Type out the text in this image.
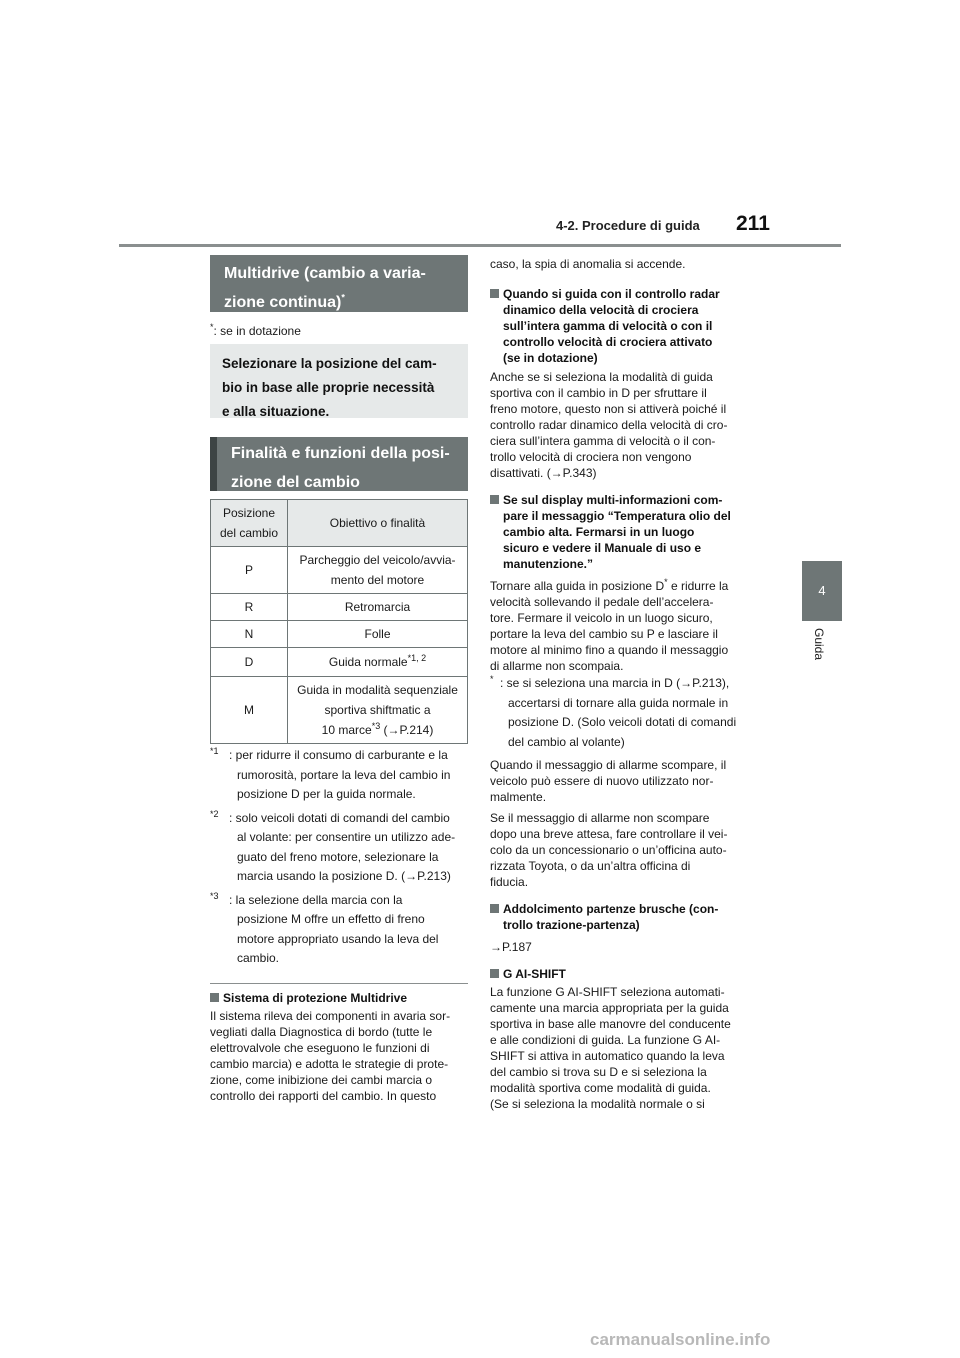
4-2. Procedure di guida 211
4
Guida
Multidrive (cambio a varia-
zione continua)*
*: se in dotazione
Selezionare la posizione del cam-
bio in base alle proprie necessità
e alla situazione.
Finalità e funzioni della posi-
zione del cambio
Posizione
del cambio	Obiettivo o finalità
P	Parcheggio del veicolo/avvia-
mento del motore

R	Retromarcia
N	Folle
D	Guida normale$^{*1, 2}$
M	Guida in modalità sequenziale
sportiva shiftmatic a
10 marce$^{*3}$ (→P.214)
$^{*1}$ : per ridurre il consumo di carburante e la
rumorosità, portare la leva del cambio in
posizione D per la guida normale.
$^{*2}$ : solo veicoli dotati di comandi del cambio
al volante: per consentire un utilizzo ade-
guato del freno motore, selezionare la
marcia usando la posizione D. (→P.213)
$^{*3}$ : la selezione della marcia con la
posizione M offre un effetto di freno
motore appropriato usando la leva del
cambio.
Sistema di protezione Multidrive
Il sistema rileva dei componenti in avaria sor-
vegliati dalla Diagnostica di bordo (tutte le
elettrovalvole che eseguono le funzioni di
cambio marcia) e adotta le strategie di prote-
zione, come inibizione dei cambi marcia o
controllo dei rapporti del cambio. In questo
caso, la spia di anomalia si accende.
Quando si guida con il controllo radar
dinamico della velocità di crociera
sull’intera gamma di velocità o con il
controllo velocità di crociera attivato
(se in dotazione)
Anche se si seleziona la modalità di guida
sportiva con il cambio in D per sfruttare il
freno motore, questo non si attiverà poiché il
controllo radar dinamico della velocità di cro-
ciera sull’intera gamma di velocità o il con-
trollo velocità di crociera non vengono
disattivati. (→P.343)
Se sul display multi-informazioni com-
pare il messaggio “Temperatura olio del
cambio alta. Fermarsi in un luogo
sicuro e vedere il Manuale di uso e
manutenzione.”
Tornare alla guida in posizione D* e ridurre la
velocità sollevando il pedale dell’accelera-
tore. Fermare il veicolo in un luogo sicuro,
portare la leva del cambio su P e lasciare il
motore al minimo fino a quando il messaggio
di allarme non scompaia.
* : se si seleziona una marcia in D (→P.213),
accertarsi di tornare alla guida normale in
posizione D. (Solo veicoli dotati di comandi
del cambio al volante)
Quando il messaggio di allarme scompare, il
veicolo può essere di nuovo utilizzato nor-
malmente.
Se il messaggio di allarme non scompare
dopo una breve attesa, fare controllare il vei-
colo da un concessionario o un’officina auto-
rizzata Toyota, o da un’altra officina di
fiducia.
Addolcimento partenze brusche (con-
trollo trazione-partenza)
→P.187
G AI-SHIFT
La funzione G AI-SHIFT seleziona automati-
camente una marcia appropriata per la guida
sportiva in base alle manovre del conducente
e alle condizioni di guida. La funzione G AI-
SHIFT si attiva in automatico quando la leva
del cambio si trova su D e si seleziona la
modalità sportiva come modalità di guida.
(Se si seleziona la modalità normale o si
carmanualsonline.info
